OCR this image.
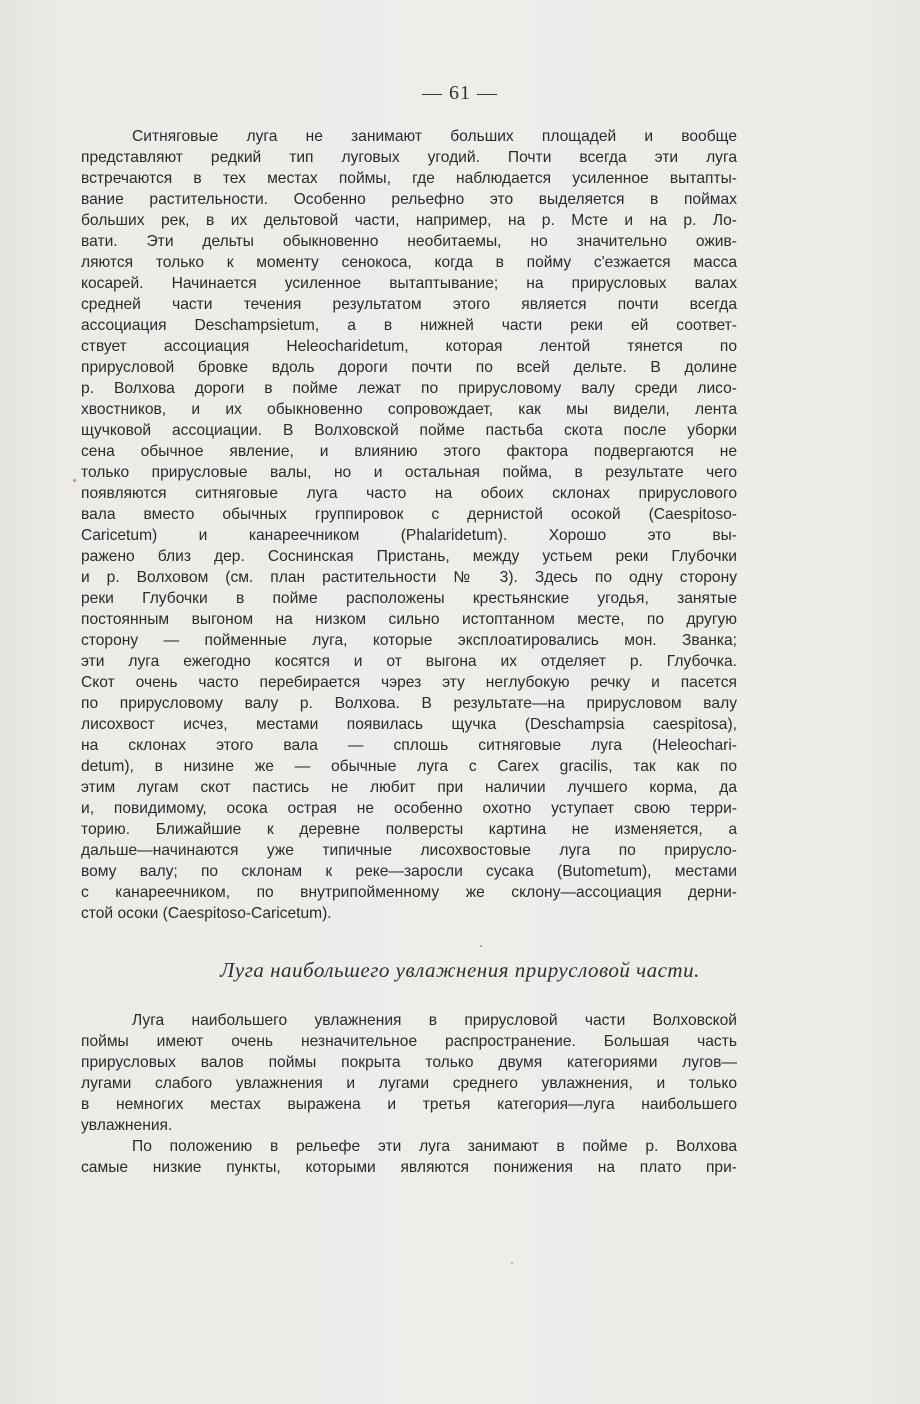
— 61 —
Ситняговые луга не занимают больших площадей и вообще
представляют редкий тип луговых угодий. Почти всегда эти луга
встречаются в тех местах поймы, где наблюдается усиленное вытапты-
вание растительности. Особенно рельефно это выделяется в поймах
больших рек, в их дельтовой части, например, на р. Мсте и на р. Ло-
вати. Эти дельты обыкновенно необитаемы, но значительно ожив-
ляются только к моменту сенокоса, когда в пойму с'езжается масса
косарей. Начинается усиленное вытаптывание; на прирусловых валах
средней части течения результатом этого является почти всегда
ассоциация Deschampsietum, а в нижней части реки ей соответ-
ствует ассоциация Heleocharidetum, которая лентой тянется по
прирусловой бровке вдоль дороги почти по всей дельте. В долине
р. Волхова дороги в пойме лежат по прирусловому валу среди лисо-
хвостников, и их обыкновенно сопровождает, как мы видели, лента
щучковой ассоциации. В Волховской пойме пастьба скота после уборки
сена обычное явление, и влиянию этого фактора подвергаются не
только прирусловые валы, но и остальная пойма, в результате чего
появляются ситняговые луга часто на обоих склонах прируслового
вала вместо обычных группировок с дернистой осокой (Caespitoso-
Caricetum) и канареечником (Phalaridetum). Хорошо это вы-
ражено близ дер. Соснинская Пристань, между устьем реки Глубочки
и р. Волховом (см. план растительности № 3). Здесь по одну сторону
реки Глубочки в пойме расположены крестьянские угодья, занятые
постоянным выгоном на низком сильно истоптанном месте, по другую
сторону — пойменные луга, которые эксплоатировались мон. Званка;
эти луга ежегодно косятся и от выгона их отделяет р. Глубочка.
Скот очень часто перебирается чэрез эту неглубокую речку и пасется
по прирусловому валу р. Волхова. В результате—на прирусловом валу
лисохвост исчез, местами появилась щучка (Deschampsia caespitosa),
на склонах этого вала — сплошь ситняговые луга (Heleochari-
detum), в низине же — обычные луга с Carex gracilis, так как по
этим лугам скот пастись не любит при наличии лучшего корма, да
и, повидимому, осока острая не особенно охотно уступает свою терри-
торию. Ближайшие к деревне полверсты картина не изменяется, а
дальше—начинаются уже типичные лисохвостовые луга по прируслo-
вому валу; по склонам к реке—заросли сусака (Butometum), местами
с канареечником, по внутрипойменному же склону—ассоциация дерни-
стой осоки (Caespitoso-Caricetum).
Луга наибольшего увлажнения прирусловой части.
Луга наибольшего увлажнения в прирусловой части Волховской
поймы имеют очень незначительное распространение. Большая часть
прирусловых валов поймы покрыта только двумя категориями лугов—
лугами слабого увлажнения и лугами среднего увлажнения, и только
в немногих местах выражена и третья категория—луга наибольшего
увлажнения.
По положению в рельефе эти луга занимают в пойме р. Волхова
самые низкие пункты, которыми являются понижения на плато при-
